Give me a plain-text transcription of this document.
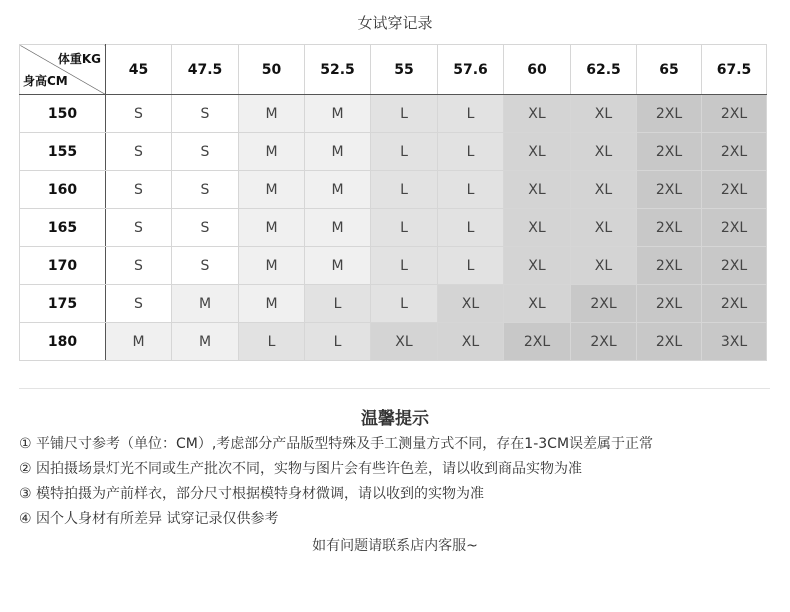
女试穿记录
体重KG
身高CM	45	47.5	50	52.5	55	57.6	60	62.5	65	67.5
150	S	S	M	M	L	L	XL	XL	2XL	2XL
155	S	S	M	M	L	L	XL	XL	2XL	2XL
160	S	S	M	M	L	L	XL	XL	2XL	2XL
165	S	S	M	M	L	L	XL	XL	2XL	2XL
170	S	S	M	M	L	L	XL	XL	2XL	2XL
175	S	M	M	L	L	XL	XL	2XL	2XL	2XL
180	M	M	L	L	XL	XL	2XL	2XL	2XL	3XL
温馨提示
① 平铺尺寸参考（单位：CM）,考虑部分产品版型特殊及手工测量方式不同，存在1-3CM误差属于正常
② 因拍摄场景灯光不同或生产批次不同，实物与图片会有些许色差，请以收到商品实物为准
③ 模特拍摄为产前样衣，部分尺寸根据模特身材微调，请以收到的实物为准
④ 因个人身材有所差异 试穿记录仅供参考
如有问题请联系店内客服~
